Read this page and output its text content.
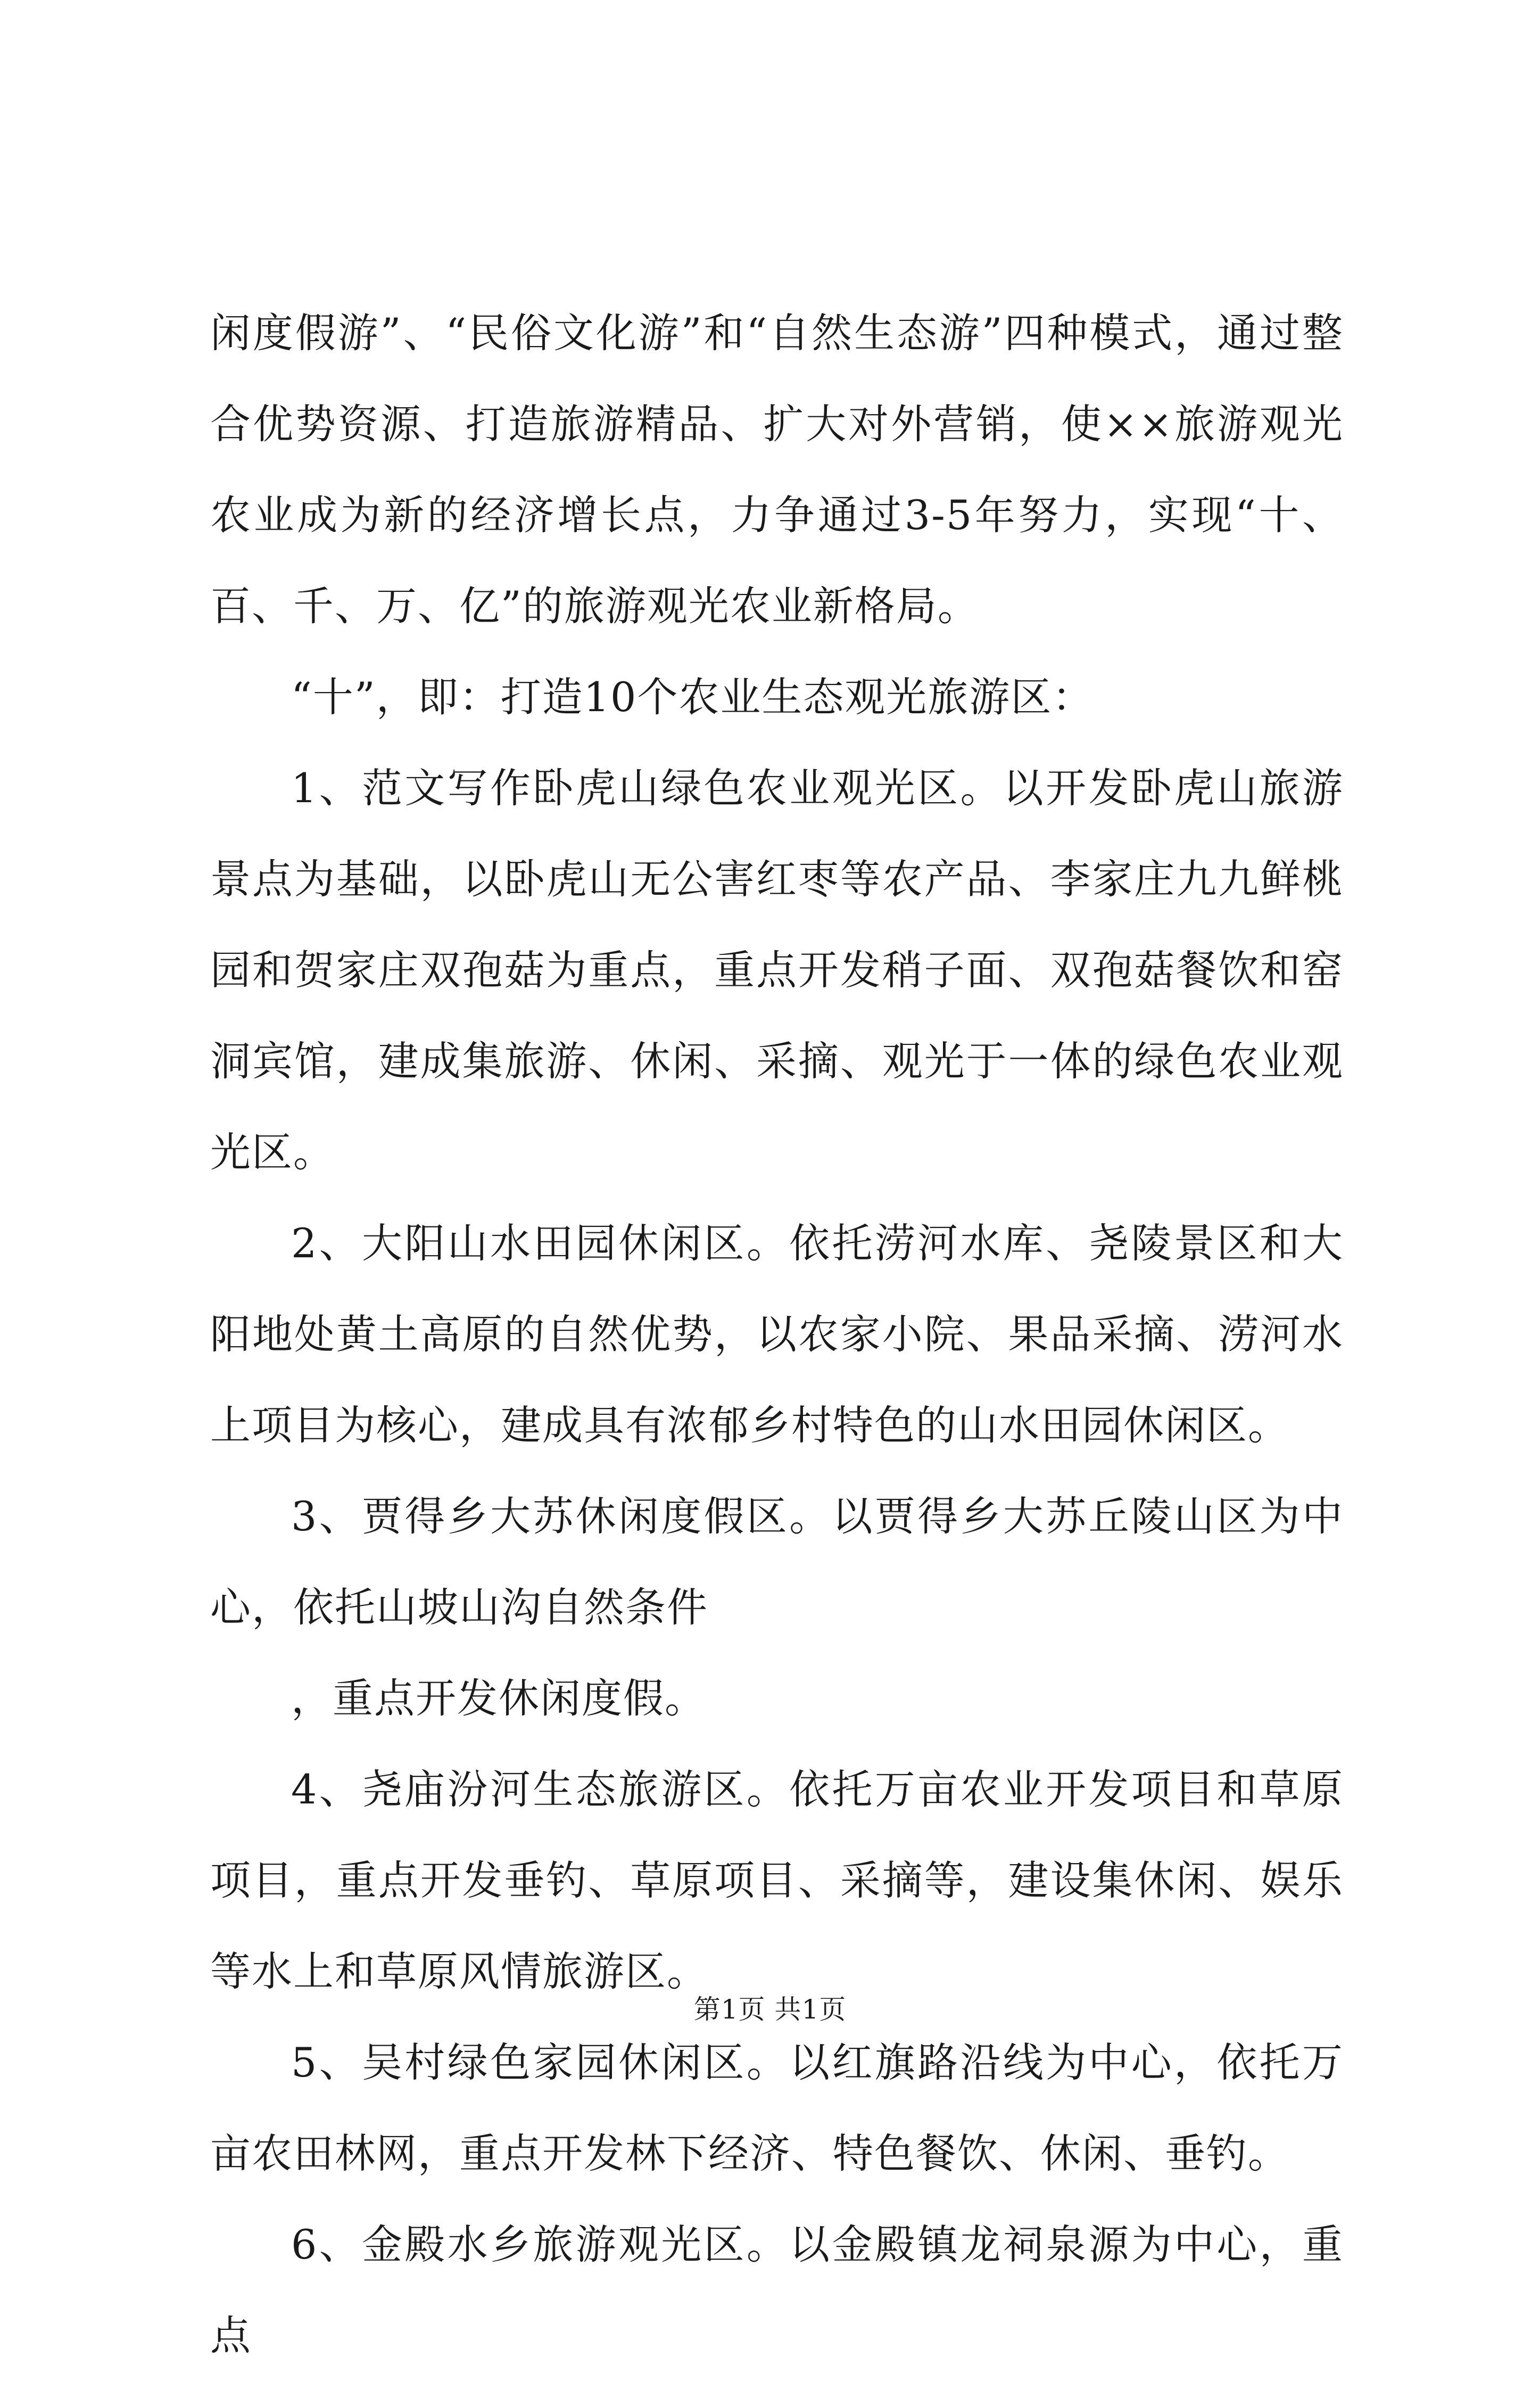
闲度假游”、“民俗文化游”和“自然生态游”四种模式，通过整合优势资源、打造旅游精品、扩大对外营销，使××旅游观光农业成为新的经济增长点，力争通过3-5年努力，实现“十、百、千、万、亿”的旅游观光农业新格局。

“十”，即：打造10个农业生态观光旅游区：

1、范文写作卧虎山绿色农业观光区。以开发卧虎山旅游景点为基础，以卧虎山无公害红枣等农产品、李家庄九九鲜桃园和贺家庄双孢菇为重点，重点开发稍子面、双孢菇餐饮和窑洞宾馆，建成集旅游、休闲、采摘、观光于一体的绿色农业观光区。

2、大阳山水田园休闲区。依托涝河水库、尧陵景区和大阳地处黄土高原的自然优势，以农家小院、果品采摘、涝河水上项目为核心，建成具有浓郁乡村特色的山水田园休闲区。

3、贾得乡大苏休闲度假区。以贾得乡大苏丘陵山区为中心，依托山坡山沟自然条件

，重点开发休闲度假。

4、尧庙汾河生态旅游区。依托万亩农业开发项目和草原项目，重点开发垂钓、草原项目、采摘等，建设集休闲、娱乐等水上和草原风情旅游区。

5、吴村绿色家园休闲区。以红旗路沿线为中心，依托万亩农田林网，重点开发林下经济、特色餐饮、休闲、垂钓。

6、金殿水乡旅游观光区。以金殿镇龙祠泉源为中心，重点

第1页 共1页
